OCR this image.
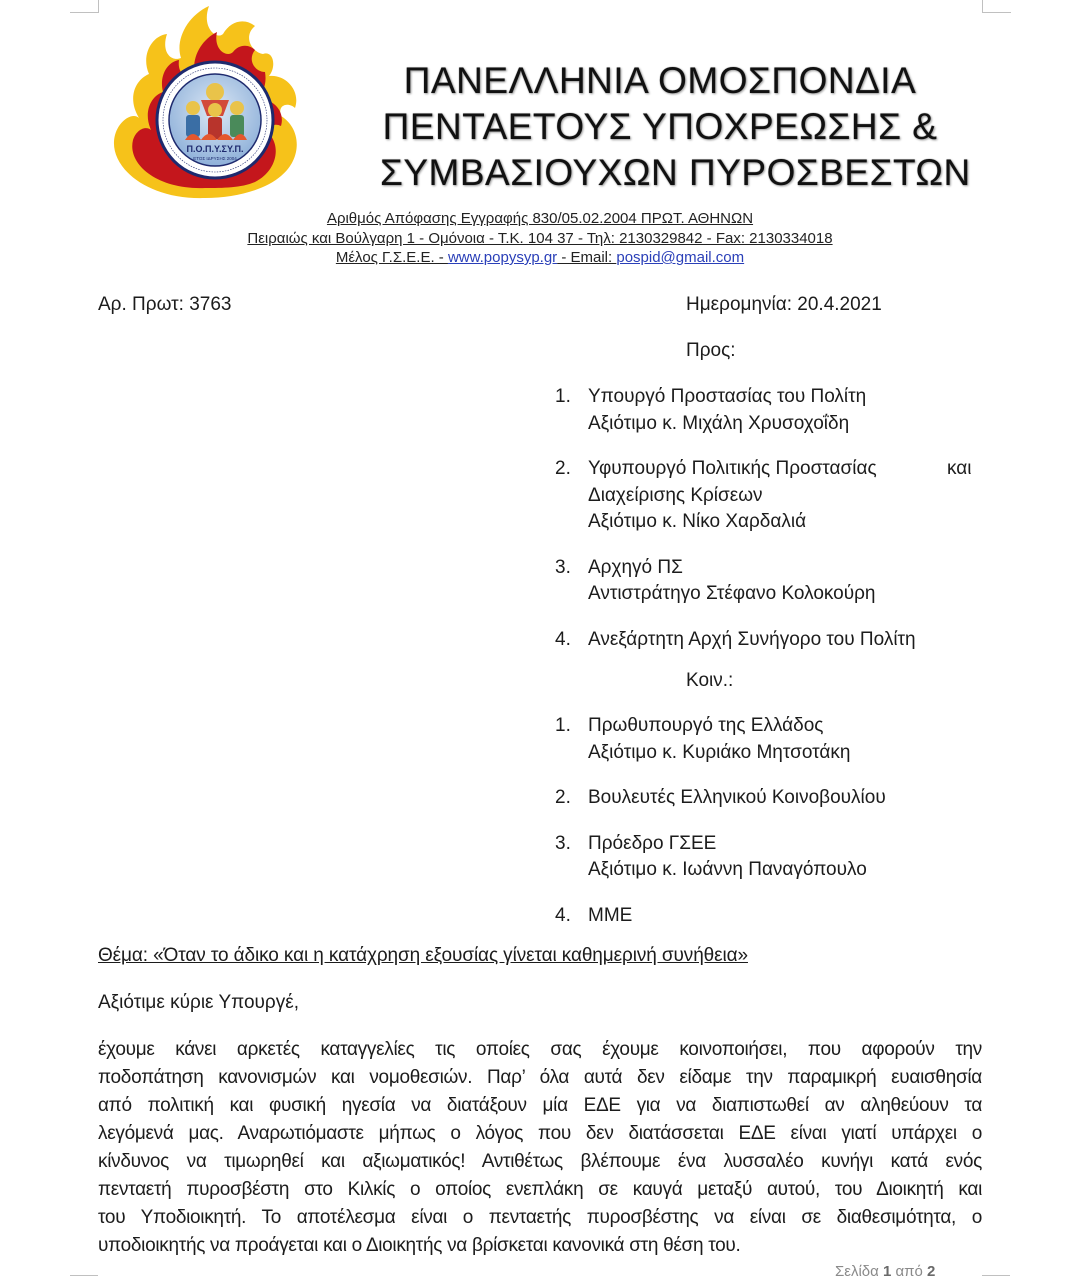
Π.Ο.Π.Υ.ΣΥ.Π.
ΕΤΟΣ ΙΔΡΥΣΗΣ 2004
ΠΑΝΕΛΛΗΝΙΑ ΟΜΟΣΠΟΝΔΙΑ
ΠΕΝΤΑΕΤΟΥΣ ΥΠΟΧΡΕΩΣΗΣ &
ΣΥΜΒΑΣΙΟΥΧΩΝ ΠΥΡΟΣΒΕΣΤΩΝ
Αριθμός Απόφασης Εγγραφής 830/05.02.2004 ΠΡΩΤ. ΑΘΗΝΩΝ
Πειραιώς και Βούλγαρη 1 - Ομόνοια - Τ.Κ. 104 37 - Τηλ: 2130329842 - Fax: 2130334018
Μέλος Γ.Σ.Ε.Ε. - www.popysyp.gr - Email: pospid@gmail.com
Αρ. Πρωτ: 3763	Ημερομηνία: 20.4.2021
Προς:
1. Υπουργό Προστασίας του Πολίτη
Αξιότιμο κ. Μιχάλη Χρυσοχοΐδη
2. Υφυπουργό Πολιτικής Προστασίας	και
Διαχείρισης Κρίσεων
Αξιότιμο κ. Νίκο Χαρδαλιά
3. Αρχηγό ΠΣ
Αντιστράτηγο Στέφανο Κολοκούρη
4. Ανεξάρτητη Αρχή Συνήγορο του Πολίτη
Κοιν.:
1. Πρωθυπουργό της Ελλάδος
Αξιότιμο κ. Κυριάκο Μητσοτάκη
2. Βουλευτές Ελληνικού Κοινοβουλίου
3. Πρόεδρο ΓΣΕΕ
Αξιότιμο κ. Ιωάννη Παναγόπουλο
4. ΜΜΕ
Θέμα: «Όταν το άδικο και η κατάχρηση εξουσίας γίνεται καθημερινή συνήθεια»
Αξιότιμε κύριε Υπουργέ,
έχουμε κάνει αρκετές καταγγελίες τις οποίες σας έχουμε κοινοποιήσει, που αφορούν την
ποδοπάτηση κανονισμών και νομοθεσιών. Παρ’ όλα αυτά δεν είδαμε την παραμικρή ευαισθησία
από πολιτική και φυσική ηγεσία να διατάξουν μία ΕΔΕ για να διαπιστωθεί αν αληθεύουν τα
λεγόμενά μας. Αναρωτιόμαστε μήπως ο λόγος που δεν διατάσσεται ΕΔΕ είναι γιατί υπάρχει ο
κίνδυνος να τιμωρηθεί και αξιωματικός! Αντιθέτως βλέπουμε ένα λυσσαλέο κυνήγι κατά ενός
πενταετή πυροσβέστη στο Κιλκίς ο οποίος ενεπλάκη σε καυγά μεταξύ αυτού, του Διοικητή και
του Υποδιοικητή. Το αποτέλεσμα είναι ο πενταετής πυροσβέστης να είναι σε διαθεσιμότητα, ο
υποδιοικητής να προάγεται και ο Διοικητής να βρίσκεται κανονικά στη θέση του.
Σελίδα 1 από 2
